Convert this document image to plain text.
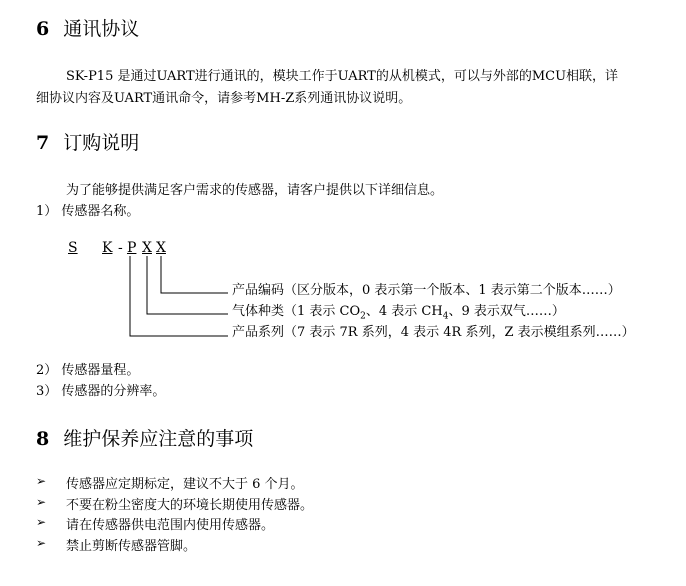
6 通讯协议
SK-P15 是通过UART进行通讯的，模块工作于UART的从机模式，可以与外部的MCU相联，详
细协议内容及UART通讯命令，请参考MH-Z系列通讯协议说明。
7 订购说明
为了能够提供满足客户需求的传感器，请客户提供以下详细信息。
1） 传感器名称。
S K - P X X
产品编码（区分版本，0 表示第一个版本、1 表示第二个版本……）
气体种类（1 表示 $CO_2$、4 表示 $CH_4$、9 表示双气……）
产品系列（7 表示 7R 系列，4 表示 4R 系列，Z 表示模组系列……）
2） 传感器量程。
3） 传感器的分辨率。
8 维护保养应注意的事项
➢ 传感器应定期标定，建议不大于 6 个月。
➢ 不要在粉尘密度大的环境长期使用传感器。
➢ 请在传感器供电范围内使用传感器。
➢ 禁止剪断传感器管脚。
